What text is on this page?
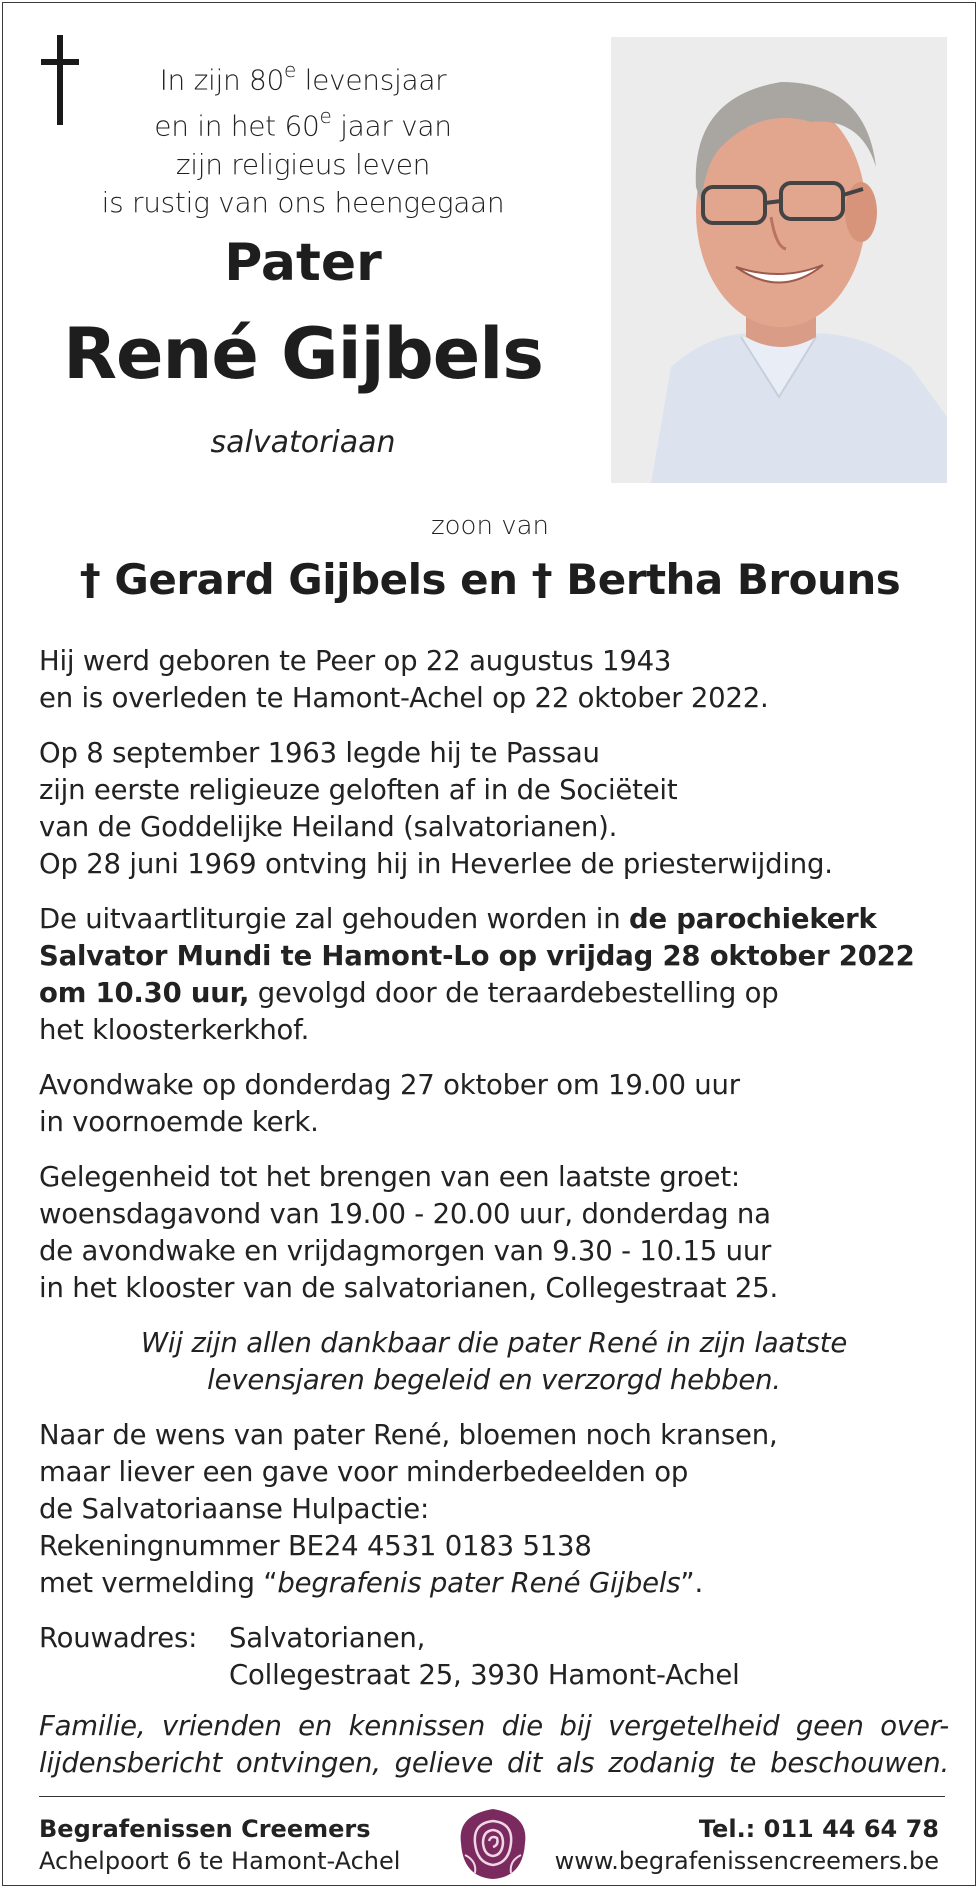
In zijn 80e levensjaar
en in het 60e jaar van
zijn religieus leven
is rustig van ons heengegaan
Pater
René Gijbels
salvatoriaan
zoon van
† Gerard Gijbels en † Bertha Brouns
Hij werd geboren te Peer op 22 augustus 1943
en is overleden te Hamont-Achel op 22 oktober 2022.
Op 8 september 1963 legde hij te Passau
zijn eerste religieuze geloften af in de Sociëteit
van de Goddelijke Heiland (salvatorianen).
Op 28 juni 1969 ontving hij in Heverlee de priesterwijding.
De uitvaartliturgie zal gehouden worden in de parochiekerk
Salvator Mundi te Hamont-Lo op vrijdag 28 oktober 2022
om 10.30 uur, gevolgd door de teraardebestelling op
het kloosterkerkhof.
Avondwake op donderdag 27 oktober om 19.00 uur
in voornoemde kerk.
Gelegenheid tot het brengen van een laatste groet:
woensdagavond van 19.00 - 20.00 uur, donderdag na
de avondwake en vrijdagmorgen van 9.30 - 10.15 uur
in het klooster van de salvatorianen, Collegestraat 25.
Wij zijn allen dankbaar die pater René in zijn laatste
levensjaren begeleid en verzorgd hebben.
Naar de wens van pater René, bloemen noch kransen,
maar liever een gave voor minderbedeelden op
de Salvatoriaanse Hulpactie:
Rekeningnummer BE24 4531 0183 5138
met vermelding “begrafenis pater René Gijbels”.
Rouwadres: Salvatorianen,
Collegestraat 25, 3930 Hamont-Achel
Familie, vrienden en kennissen die bij vergetelheid geen over-
lijdensbericht ontvingen, gelieve dit als zodanig te beschouwen.
Begrafenissen Creemers
Achelpoort 6 te Hamont-Achel
Tel.: 011 44 64 78
www.begrafenissencreemers.be
